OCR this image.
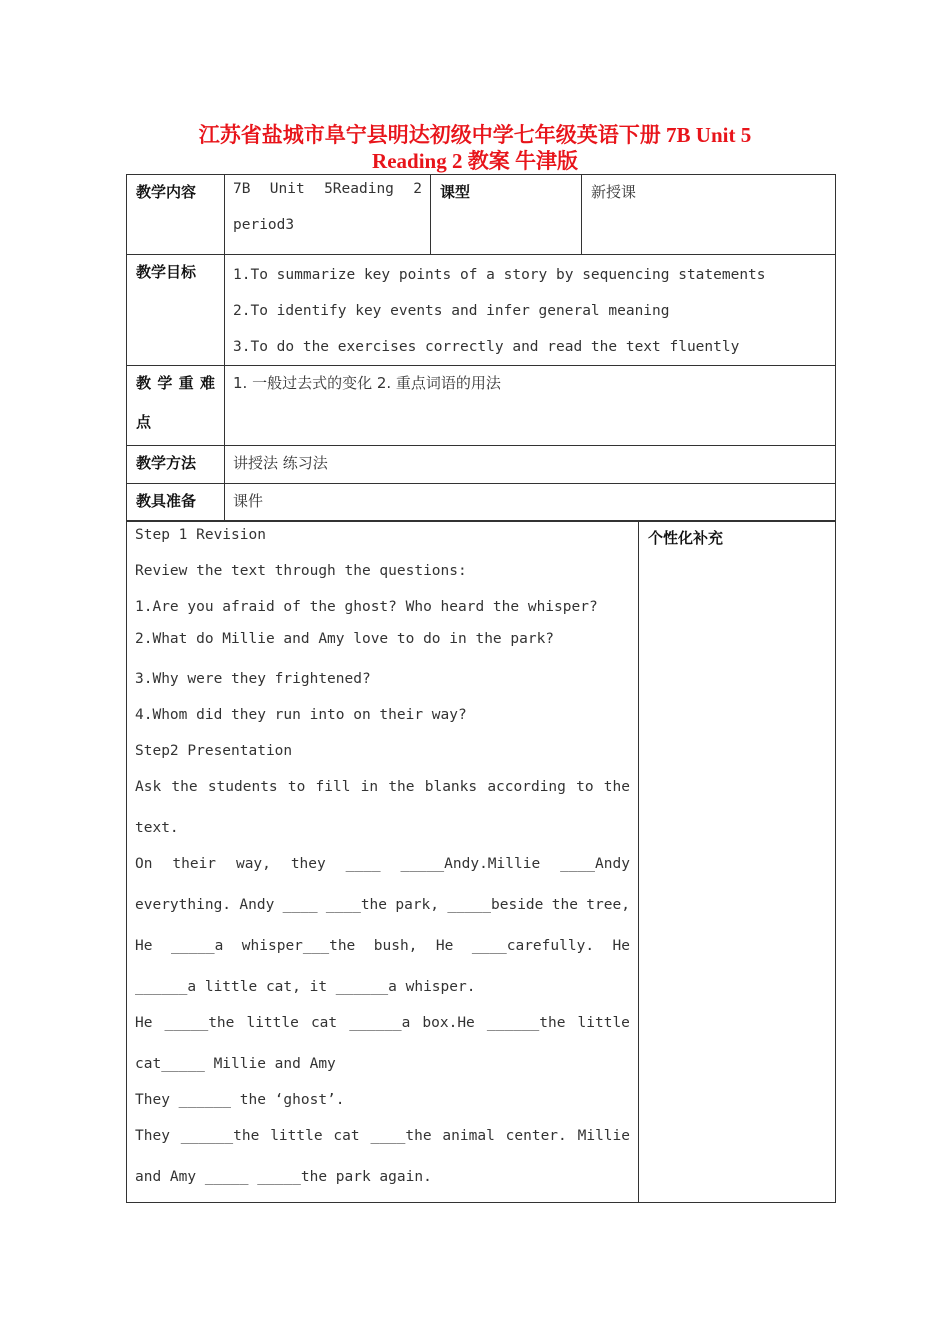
江苏省盐城市阜宁县明达初级中学七年级英语下册 7B Unit 5
Reading 2 教案 牛津版
教学内容	7B Unit 5Reading 2
period3	课型	新授课
教学目标	1.To summarize key points of a story by sequencing statements
2.To identify key events and infer general meaning
3.To do the exercises correctly and read the text fluently		

教 学 重 难
点	1. 一般过去式的变化 2. 重点词语的用法		
教学方法	讲授法 练习法		
教具准备	课件		
Step 1 Revision
Review the text through the questions:
1.Are you afraid of the ghost? Who heard the whisper?
2.What do Millie and Amy love to do in the park?
3.Why were they frightened?
4.Whom did they run into on their way?
Step2 Presentation
Ask the students to fill in the blanks according to the
text.
On their way, they ____ _____Andy.Millie ____Andy
everything. Andy ____ ____the park, _____beside the tree,
He _____a whisper___the bush, He ____carefully. He
______a little cat, it ______a whisper.
He _____the little cat ______a box.He ______the little
cat_____ Millie and Amy
They ______ the ‘ghost’.
They ______the little cat ____the animal center. Millie
and Amy _____ _____the park again.
	个性化补充
